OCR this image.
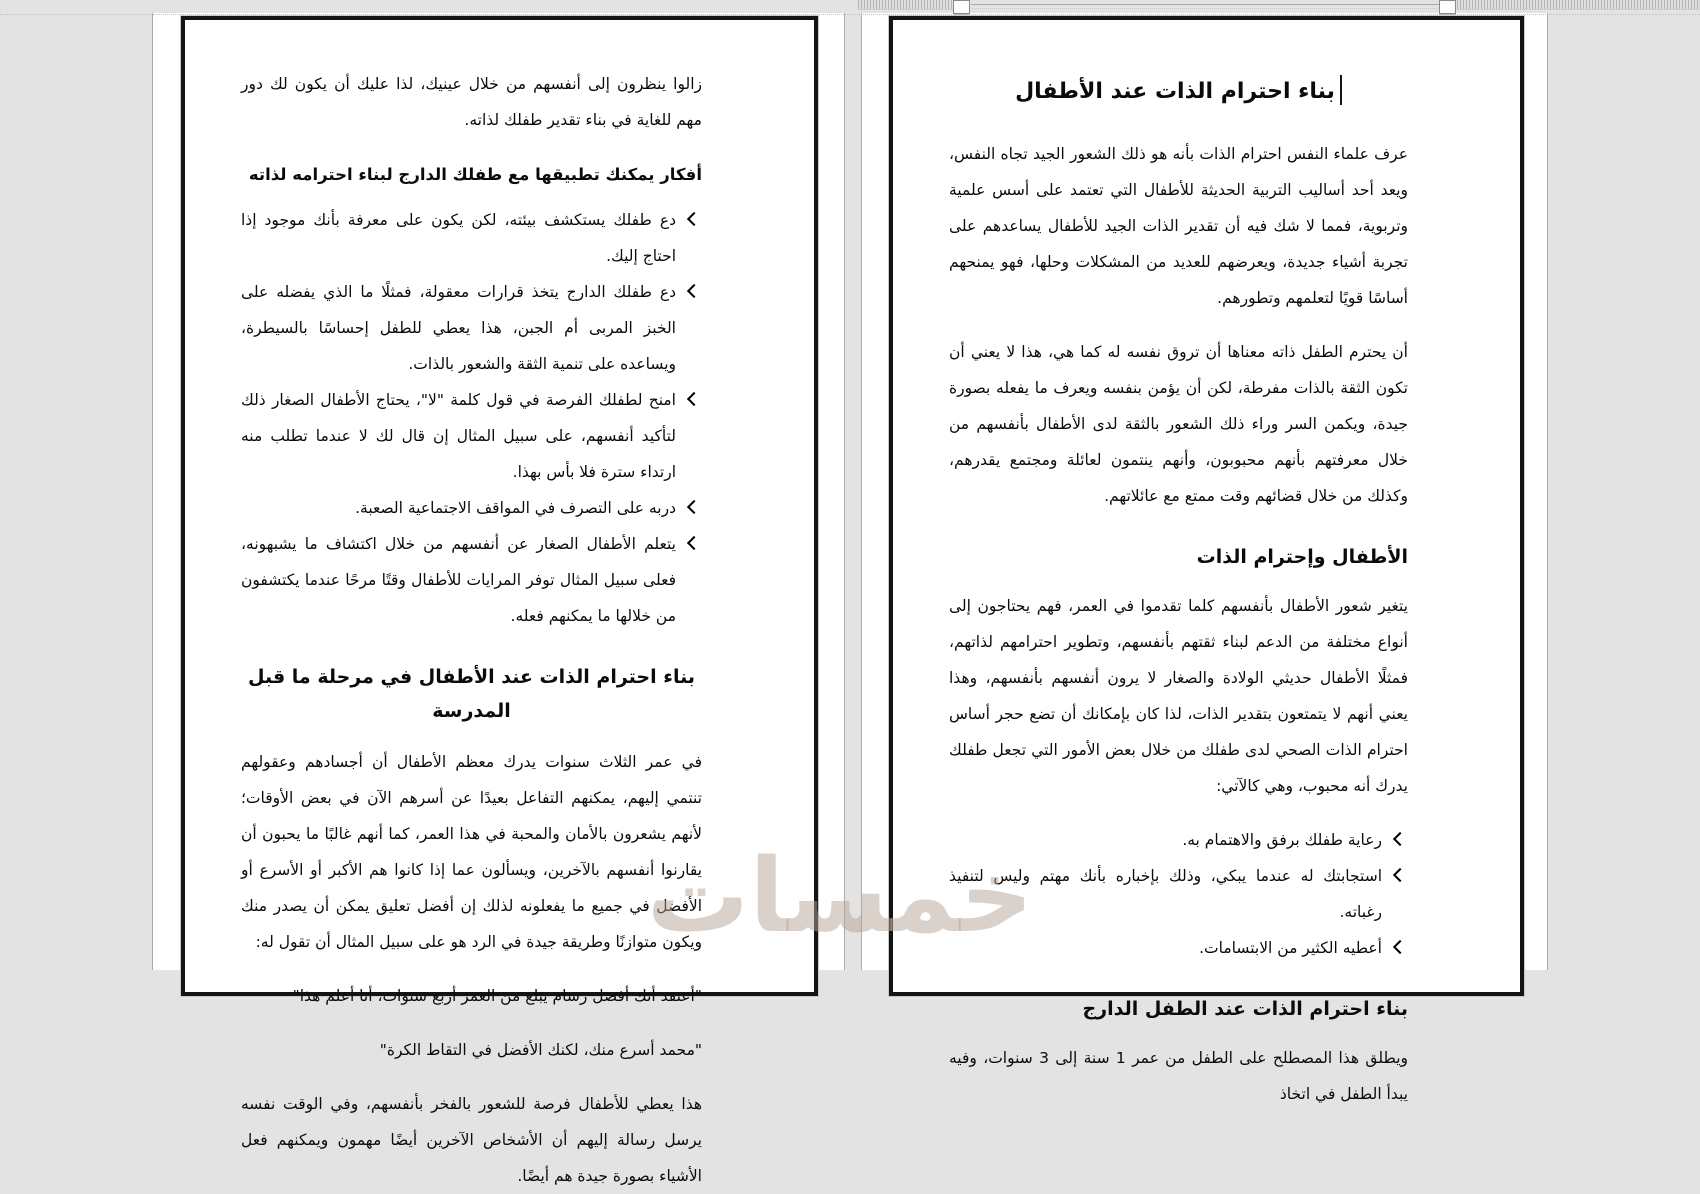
زالوا ينظرون إلى أنفسهم من خلال عينيك، لذا عليك أن يكون لك دور مهم للغاية في بناء تقدير طفلك لذاته.

أفكار يمكنك تطبيقها مع طفلك الدارج لبناء احترامه لذاته
دع طفلك يستكشف بيئته، لكن يكون على معرفة بأنك موجود إذا احتاج إليك.
دع طفلك الدارج يتخذ قرارات معقولة، فمثلًا ما الذي يفضله على الخبز المربى أم الجبن، هذا يعطي للطفل إحساسًا بالسيطرة، ويساعده على تنمية الثقة والشعور بالذات.
امنح لطفلك الفرصة في قول كلمة "لا"، يحتاج الأطفال الصغار ذلك لتأكيد أنفسهم، على سبيل المثال إن قال لك لا عندما تطلب منه ارتداء سترة فلا بأس بهذا.
دربه على التصرف في المواقف الاجتماعية الصعبة.
يتعلم الأطفال الصغار عن أنفسهم من خلال اكتشاف ما يشبهونه، فعلى سبيل المثال توفر المرايات للأطفال وقتًا مرحًا عندما يكتشفون من خلالها ما يمكنهم فعله.
بناء احترام الذات عند الأطفال في مرحلة ما قبل المدرسة

في عمر الثلاث سنوات يدرك معظم الأطفال أن أجسادهم وعقولهم تنتمي إليهم، يمكنهم التفاعل بعيدًا عن أسرهم الآن في بعض الأوقات؛ لأنهم يشعرون بالأمان والمحبة في هذا العمر، كما أنهم غالبًا ما يحبون أن يقارنوا أنفسهم بالآخرين، ويسألون عما إذا كانوا هم الأكبر أو الأسرع أو الأفضل في جميع ما يفعلونه لذلك إن أفضل تعليق يمكن أن يصدر منك ويكون متوازنًا وطريقة جيدة في الرد هو على سبيل المثال أن تقول له:

"أعتقد أنك أفضل رسام يبلغ من العمر أربع سنوات، أنا أعلم هذا"
"محمد أسرع منك، لكنك الأفضل في التقاط الكرة"

هذا يعطي للأطفال فرصة للشعور بالفخر بأنفسهم، وفي الوقت نفسه يرسل رسالة إليهم أن الأشخاص الآخرين أيضًا مهمون ويمكنهم فعل الأشياء بصورة جيدة هم أيضًا.

بناء احترام الذات عند الأطفال

عرف علماء النفس احترام الذات بأنه هو ذلك الشعور الجيد تجاه النفس، ويعد أحد أساليب التربية الحديثة للأطفال التي تعتمد على أسس علمية وتربوية، فمما لا شك فيه أن تقدير الذات الجيد للأطفال يساعدهم على تجربة أشياء جديدة، ويعرضهم للعديد من المشكلات وحلها، فهو يمنحهم أساسًا قويًا لتعلمهم وتطورهم.

أن يحترم الطفل ذاته معناها أن تروق نفسه له كما هي، هذا لا يعني أن تكون الثقة بالذات مفرطة، لكن أن يؤمن بنفسه ويعرف ما يفعله بصورة جيدة، ويكمن السر وراء ذلك الشعور بالثقة لدى الأطفال بأنفسهم من خلال معرفتهم بأنهم محبوبون، وأنهم ينتمون لعائلة ومجتمع يقدرهم، وكذلك من خلال قضائهم وقت ممتع مع عائلاتهم.

الأطفال وإحترام الذات

يتغير شعور الأطفال بأنفسهم كلما تقدموا في العمر، فهم يحتاجون إلى أنواع مختلفة من الدعم لبناء ثقتهم بأنفسهم، وتطوير احترامهم لذاتهم، فمثلًا الأطفال حديثي الولادة والصغار لا يرون أنفسهم بأنفسهم، وهذا يعني أنهم لا يتمتعون بتقدير الذات، لذا كان بإمكانك أن تضع حجر أساس احترام الذات الصحي لدى طفلك من خلال بعض الأمور التي تجعل طفلك يدرك أنه محبوب، وهي كالآتي:

رعاية طفلك برفق والاهتمام به.
استجابتك له عندما يبكي، وذلك بإخباره بأنك مهتم وليس لتنفيذ رغباته.
أعطيه الكثير من الابتسامات.
بناء احترام الذات عند الطفل الدارج

ويطلق هذا المصطلح على الطفل من عمر 1 سنة إلى 3 سنوات، وفيه يبدأ الطفل في اتخاذ

خمسات
